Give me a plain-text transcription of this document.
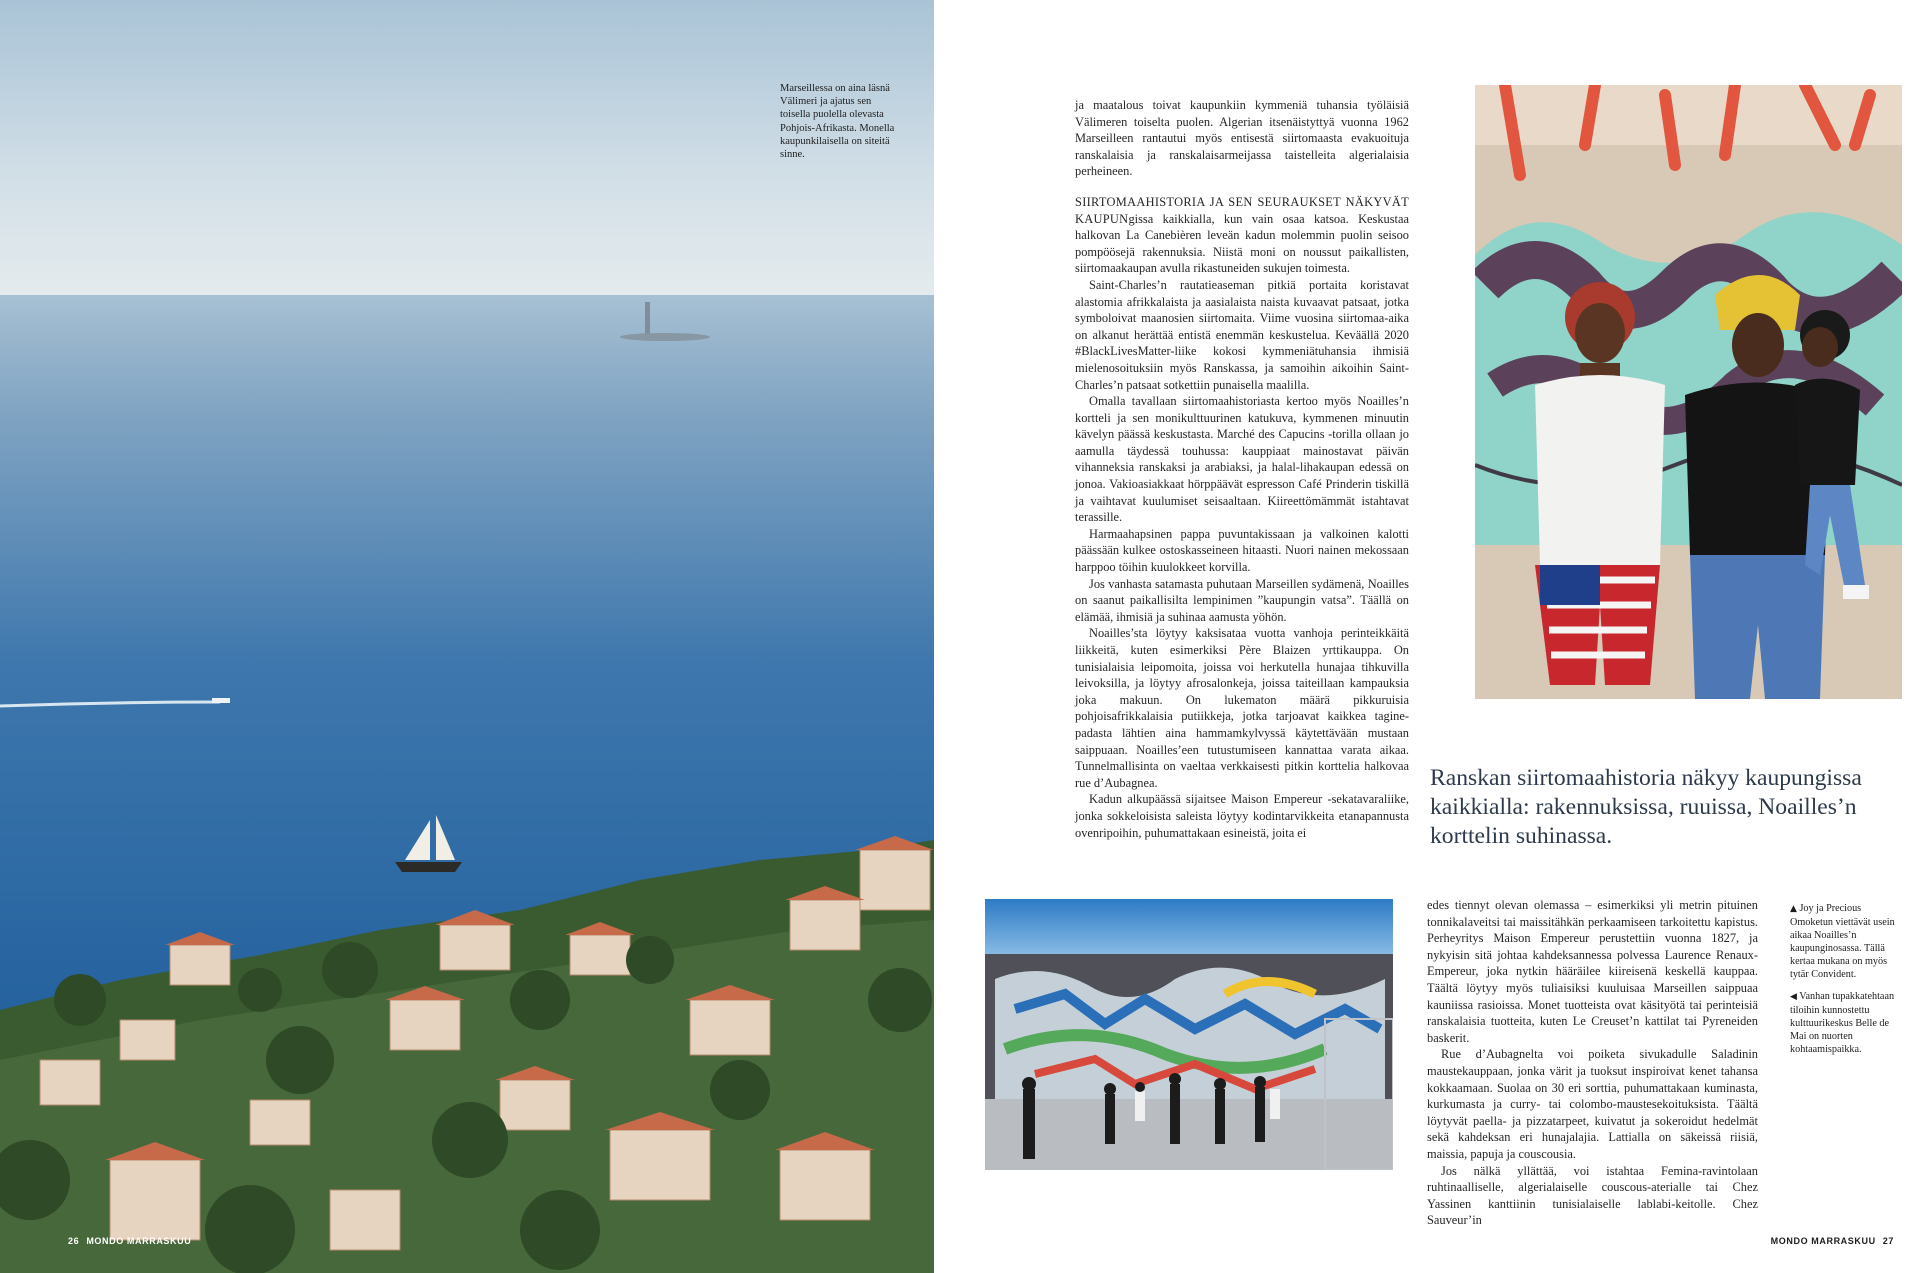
Marseillessa on aina läsnä Välimeri ja ajatus sen toisella puolella olevasta Pohjois-Afrikasta. Monella kaupunkilaisella on siteitä sinne.
26 MONDO MARRASKUU

ja maatalous toivat kaupunkiin kymmeniä tuhansia työläisiä Välimeren toiselta puolen. Algerian itsenäistyttyä vuonna 1962 Marseilleen rantautui myös entisestä siirtomaasta evakuoituja ranskalaisia ja ranskalaisarmeijassa taistelleita algerialaisia perheineen.

SIIRTOMAAHISTORIA JA SEN SEURAUKSET NÄKYVÄT KAUPUNgissa kaikkialla, kun vain osaa katsoa. Keskustaa halkovan La Canebièren leveän kadun molemmin puolin seisoo pompöösejä rakennuksia. Niistä moni on noussut paikallisten, siirtomaakaupan avulla rikastuneiden sukujen toimesta.

Saint-Charles’n rautatieaseman pitkiä portaita koristavat alastomia afrikkalaista ja aasialaista naista kuvaavat patsaat, jotka symboloivat maanosien siirtomaita. Viime vuosina siirtomaa-aika on alkanut herättää entistä enemmän keskustelua. Keväällä 2020 #BlackLivesMatter-liike kokosi kymmeniätuhansia ihmisiä mielenosoituksiin myös Ranskassa, ja samoihin aikoihin Saint-Charles’n patsaat sotkettiin punaisella maalilla.

Omalla tavallaan siirtomaahistoriasta kertoo myös Noailles’n kortteli ja sen monikulttuurinen katukuva, kymmenen minuutin kävelyn päässä keskustasta. Marché des Capucins -torilla ollaan jo aamulla täydessä touhussa: kauppiaat mainostavat päivän vihanneksia ranskaksi ja arabiaksi, ja halal-lihakaupan edessä on jonoa. Vakioasiakkaat hörppäävät espresson Café Prinderin tiskillä ja vaihtavat kuulumiset seisaaltaan. Kiireettömämmät istahtavat terassille.

Harmaahapsinen pappa puvuntakissaan ja valkoinen kalotti päässään kulkee ostoskasseineen hitaasti. Nuori nainen mekossaan harppoo töihin kuulokkeet korvilla.

Jos vanhasta satamasta puhutaan Marseillen sydämenä, Noailles on saanut paikallisilta lempinimen ”kaupungin vatsa”. Täällä on elämää, ihmisiä ja suhinaa aamusta yöhön.

Noailles’sta löytyy kaksisataa vuotta vanhoja perinteikkäitä liikkeitä, kuten esimerkiksi Père Blaizen yrttikauppa. On tunisialaisia leipomoita, joissa voi herkutella hunajaa tihkuvilla leivoksilla, ja löytyy afrosalonkeja, joissa taiteillaan kampauksia joka makuun. On lukematon määrä pikkuruisia pohjoisafrikkalaisia putiikkeja, jotka tarjoavat kaikkea tagine-padasta lähtien aina hammamkylvyssä käytettävään mustaan saippuaan. Noailles’een tutustumiseen kannattaa varata aikaa. Tunnelmallisinta on vaeltaa verkkaisesti pitkin korttelia halkovaa rue d’Aubagnea.

Kadun alkupäässä sijaitsee Maison Empereur -sekatavaraliike, jonka sokkeloisista saleista löytyy kodintarvikkeita etanapannusta ovenripoihin, puhumattakaan esineistä, joita ei

Ranskan siirtomaahistoria näkyy kaupungissa kaikkialla: rakennuksissa, ruuissa, Noailles’n korttelin suhinassa.

edes tiennyt olevan olemassa – esimerkiksi yli metrin pituinen tonnikalaveitsi tai maissitähkän perkaamiseen tarkoitettu kapistus. Perheyritys Maison Empereur perustettiin vuonna 1827, ja nykyisin sitä johtaa kahdeksannessa polvessa Laurence Renaux-Empereur, joka nytkin hääräilee kiireisenä keskellä kauppaa. Täältä löytyy myös tuliaisiksi kuuluisaa Marseillen saippuaa kauniissa rasioissa. Monet tuotteista ovat käsityötä tai perinteisiä ranskalaisia tuotteita, kuten Le Creuset’n kattilat tai Pyreneiden baskerit.

Rue d’Aubagnelta voi poiketa sivukadulle Saladinin maustekauppaan, jonka värit ja tuoksut inspiroivat kenet tahansa kokkaamaan. Suolaa on 30 eri sorttia, puhumattakaan kuminasta, kurkumasta ja curry- tai colombo-maustesekoituksista. Täältä löytyvät paella- ja pizzatarpeet, kuivatut ja sokeroidut hedelmät sekä kahdeksan eri hunajalajia. Lattialla on säkeissä riisiä, maissia, papuja ja couscousia.

Jos nälkä yllättää, voi istahtaa Femina-ravintolaan ruhtinaalliselle, algerialaiselle couscous-aterialle tai Chez Yassinen kanttiinin tunisialaiselle lablabi-keitolle. Chez Sauveur’in

▲ Joy ja Precious Omoketun viettävät usein aikaa Noailles’n kaupunginosassa. Tällä kertaa mukana on myös tytär Convident.

◀ Vanhan tupakkatehtaan tiloihin kunnostettu kulttuurikeskus Belle de Mai on nuorten kohtaamispaikka.

MONDO MARRASKUU 27
